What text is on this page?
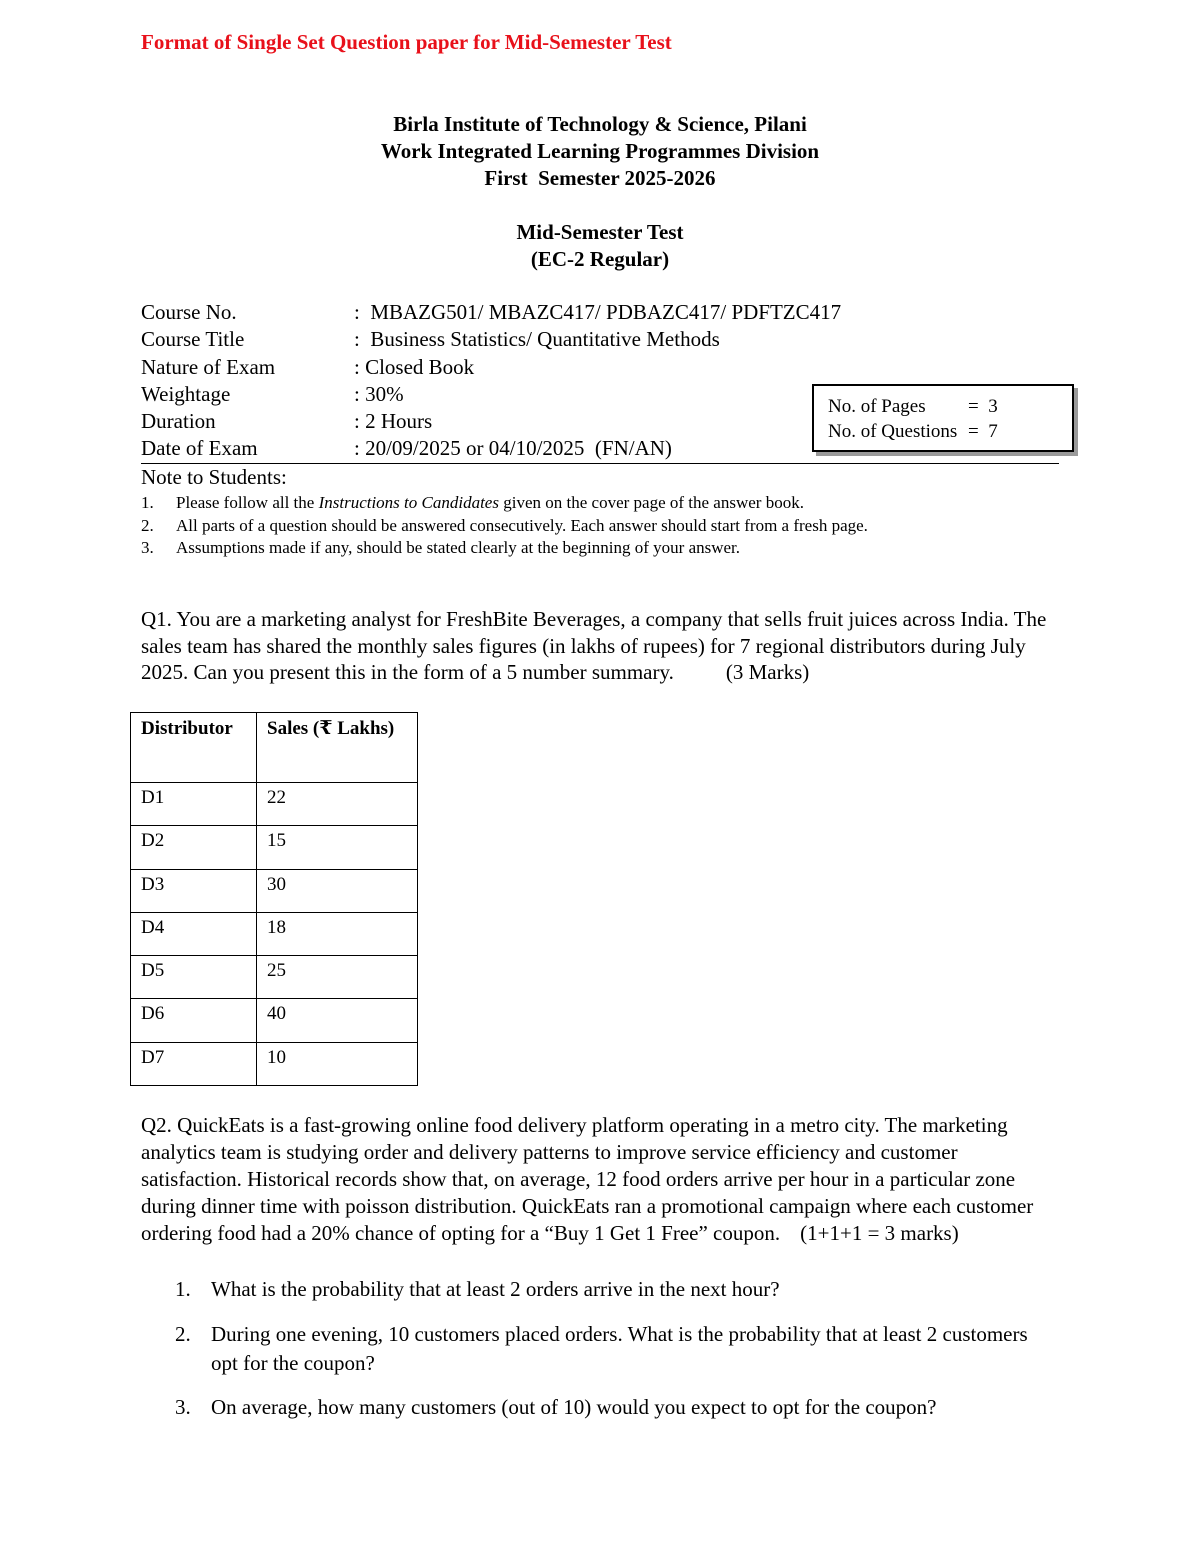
Format of Single Set Question paper for Mid-Semester Test
Birla Institute of Technology & Science, Pilani
Work Integrated Learning Programmes Division
First  Semester 2025-2026
Mid-Semester Test
(EC-2 Regular)
Course No.	:  MBAZG501/ MBAZC417/ PDBAZC417/ PDFTZC417
Course Title	:  Business Statistics/ Quantitative Methods
Nature of Exam	: Closed Book
Weightage	: 30%
Duration	: 2 Hours
Date of Exam	: 20/09/2025 or 04/10/2025  (FN/AN)
No. of Pages	=  3
No. of Questions =  7
Note to Students:
1.	Please follow all the Instructions to Candidates given on the cover page of the answer book.
2.	All parts of a question should be answered consecutively. Each answer should start from a fresh page.
3.	Assumptions made if any, should be stated clearly at the beginning of your answer.
Q1. You are a marketing analyst for FreshBite Beverages, a company that sells fruit juices across India. The sales team has shared the monthly sales figures (in lakhs of rupees) for 7 regional distributors during July 2025. Can you present this in the form of a 5 number summary. (3 Marks)
Distributor	Sales (₹ Lakhs)
D1	22
D2	15
D3	30
D4	18
D5	25
D6	40
D7	10
Q2. QuickEats is a fast-growing online food delivery platform operating in a metro city. The marketing analytics team is studying order and delivery patterns to improve service efficiency and customer satisfaction. Historical records show that, on average, 12 food orders arrive per hour in a particular zone during dinner time with poisson distribution. QuickEats ran a promotional campaign where each customer ordering food had a 20% chance of opting for a “Buy 1 Get 1 Free” coupon. (1+1+1 = 3 marks)
1. What is the probability that at least 2 orders arrive in the next hour?
2. During one evening, 10 customers placed orders. What is the probability that at least 2 customers opt for the coupon?
3. On average, how many customers (out of 10) would you expect to opt for the coupon?
